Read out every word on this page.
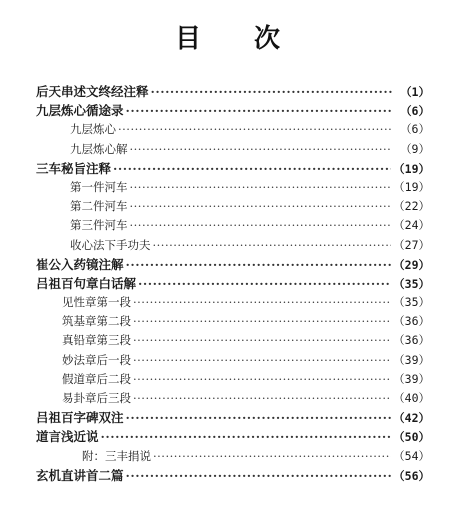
目 次
后天串述文终经注释 ·····	（1）
九层炼心循途录 ·····	（6）
九层炼心 ·····	（6）
九层炼心解 ·····	（9）
三车秘旨注释 ·····	（19）
第一件河车 ·····	（19）
第二件河车 ·····	（22）
第三件河车 ·····	（24）
收心法下手功夫 ·····	（27）
崔公入药镜注解 ·····	（29）
吕祖百句章白话解 ·····	（35）
见性章第一段 ·····	（35）
筑基章第二段 ·····	（36）
真铅章第三段 ·····	（36）
妙法章后一段 ·····	（39）
假道章后二段 ·····	（39）
易卦章后三段 ·····	（40）
吕祖百字碑双注 ·····	（42）
道言浅近说 ·····	（50）
附：三丰捐说 ·····	（54）
玄机直讲首二篇 ·····	（56）
